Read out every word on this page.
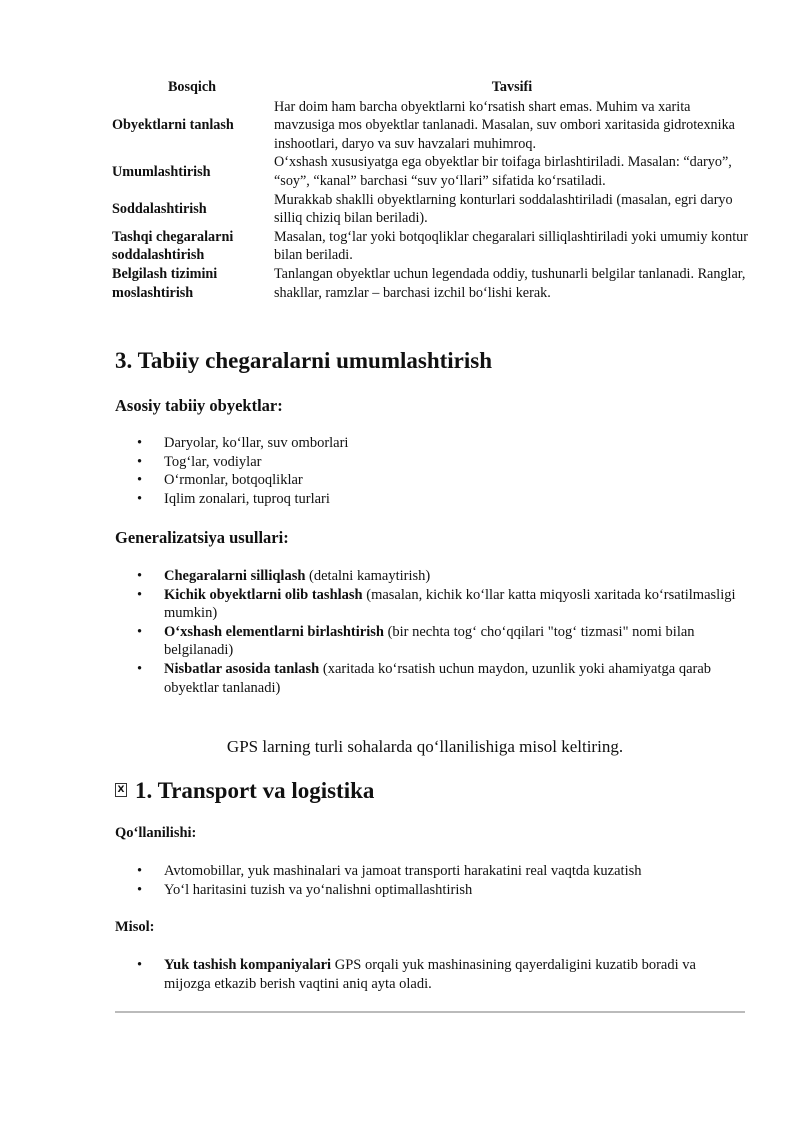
Bosqich	Tavsifi
Obyektlarni tanlash	Har doim ham barcha obyektlarni koʻrsatish shart emas. Muhim va xarita mavzusiga mos obyektlar tanlanadi. Masalan, suv ombori xaritasida gidrotexnika inshootlari, daryo va suv havzalari muhimroq.
Umumlashtirish	Oʻxshash xususiyatga ega obyektlar bir toifaga birlashtiriladi. Masalan: “daryo”, “soy”, “kanal” barchasi “suv yoʻllari” sifatida koʻrsatiladi.
Soddalashtirish	Murakkab shaklli obyektlarning konturlari soddalashtiriladi (masalan, egri daryo silliq chiziq bilan beriladi).
Tashqi chegaralarni soddalashtirish	Masalan, togʻlar yoki botqoqliklar chegaralari silliqlashtiriladi yoki umumiy kontur bilan beriladi.
Belgilash tizimini moslashtirish	Tanlangan obyektlar uchun legendada oddiy, tushunarli belgilar tanlanadi. Ranglar, shakllar, ramzlar – barchasi izchil boʻlishi kerak.
3. Tabiiy chegaralarni umumlashtirish
Asosiy tabiiy obyektlar:
• Daryolar, koʻllar, suv omborlari
• Togʻlar, vodiylar
• Oʻrmonlar, botqoqliklar
• Iqlim zonalari, tuproq turlari
Generalizatsiya usullari:
• Chegaralarni silliqlash (detalni kamaytirish)
• Kichik obyektlarni olib tashlash (masalan, kichik koʻllar katta miqyosli xaritada koʻrsatilmasligi mumkin)
• Oʻxshash elementlarni birlashtirish (bir nechta togʻ choʻqqilari "togʻ tizmasi" nomi bilan belgilanadi)
• Nisbatlar asosida tanlash (xaritada koʻrsatish uchun maydon, uzunlik yoki ahamiyatga qarab obyektlar tanlanadi)
GPS larning turli sohalarda qoʻllanilishiga misol keltiring.
X 1. Transport va logistika
Qoʻllanilishi:
• Avtomobillar, yuk mashinalari va jamoat transporti harakatini real vaqtda kuzatish
• Yoʻl haritasini tuzish va yoʻnalishni optimallashtirish
Misol:
• Yuk tashish kompaniyalari GPS orqali yuk mashinasining qayerdaligini kuzatib boradi va mijozga etkazib berish vaqtini aniq ayta oladi.
